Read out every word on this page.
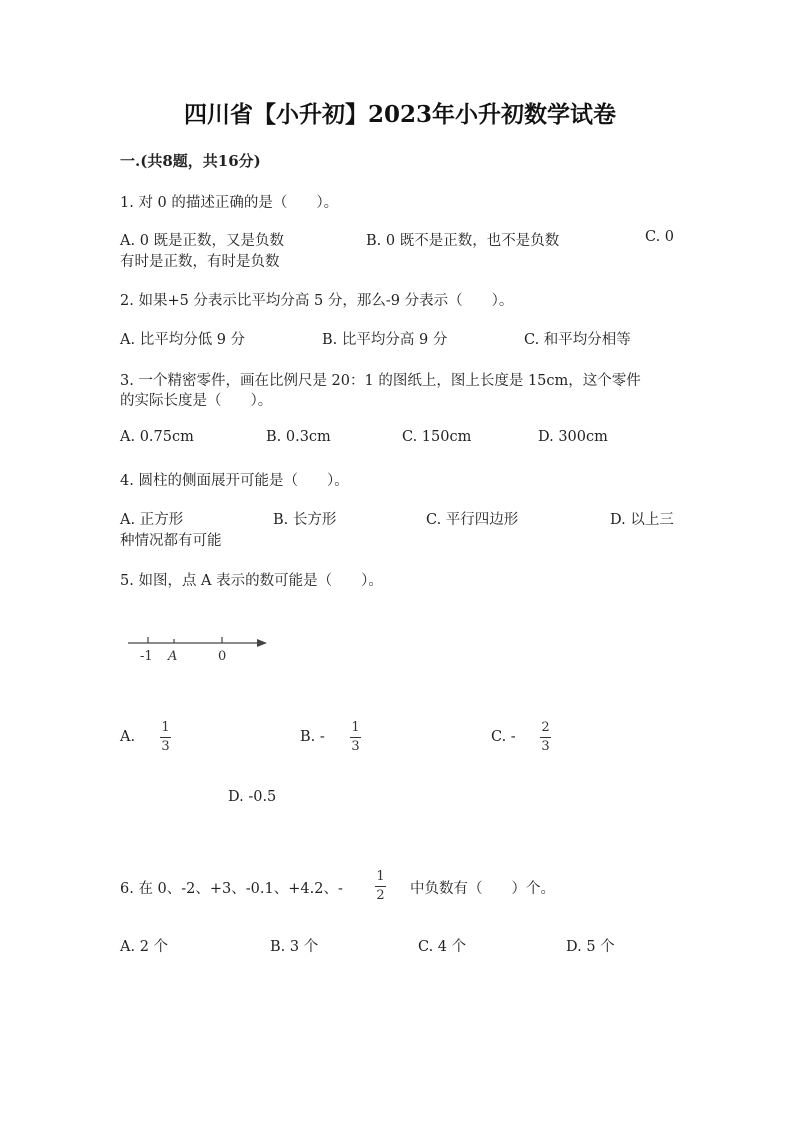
四川省【小升初】2023年小升初数学试卷
一.(共8题，共16分)
1. 对 0 的描述正确的是（　　）。
A. 0 既是正数，又是负数	B. 0 既不是正数，也不是负数	C. 0
有时是正数，有时是负数
2. 如果+5 分表示比平均分高 5 分，那么-9 分表示（　　）。
A. 比平均分低 9 分	B. 比平均分高 9 分	C. 和平均分相等
3. 一个精密零件，画在比例尺是 20：1 的图纸上，图上长度是 15cm，这个零件
的实际长度是（　　）。
A. 0.75cm	B. 0.3cm	C. 150cm	D. 300cm
4. 圆柱的侧面展开可能是（　　）。
A. 正方形	B. 长方形	C. 平行四边形	D. 以上三
种情况都有可能
5. 如图，点 A 表示的数可能是（　　）。
-1 A	0
A.
1
3
B. -
1
3
C. -
2
3
D. -0.5
6. 在 0、-2、+3、-0.1、+4.2、-
1
2 中负数有（　　）个。
A. 2 个	B. 3 个	C. 4 个	D. 5 个
